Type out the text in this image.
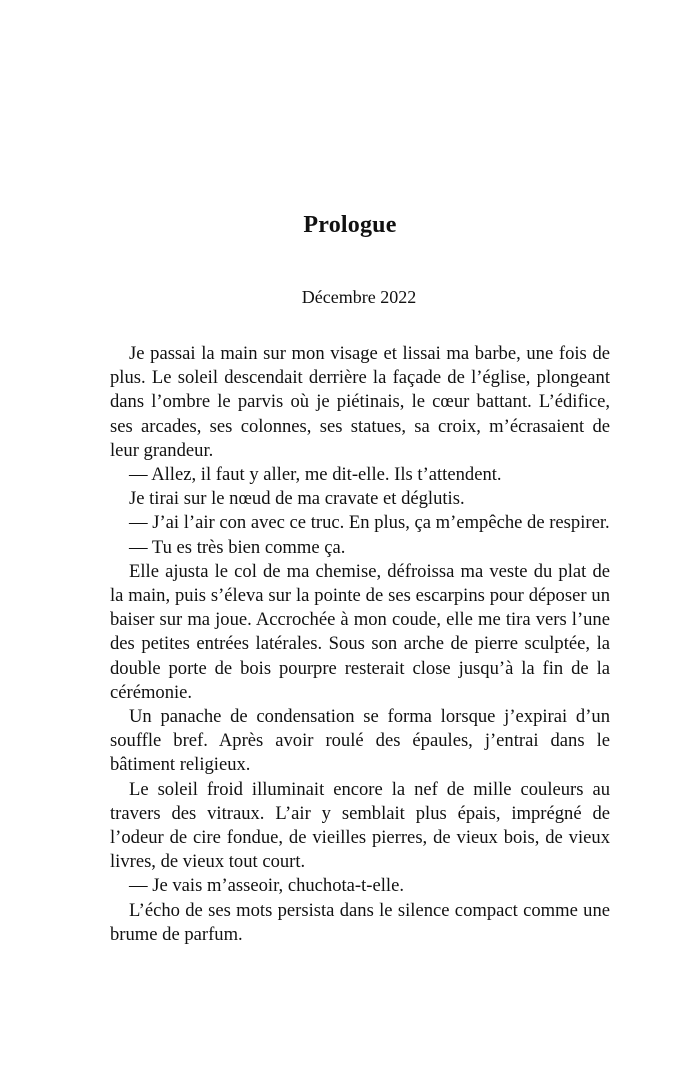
Prologue

Décembre 2022

Je passai la main sur mon visage et lissai ma barbe, une fois de plus. Le soleil descendait derrière la façade de l’église, plongeant dans l’ombre le parvis où je piétinais, le cœur battant. L’édifice, ses arcades, ses colonnes, ses statues, sa croix, m’écrasaient de leur grandeur.

— Allez, il faut y aller, me dit-elle. Ils t’attendent.

Je tirai sur le nœud de ma cravate et déglutis.

— J’ai l’air con avec ce truc. En plus, ça m’empêche de respirer.

— Tu es très bien comme ça.

Elle ajusta le col de ma chemise, défroissa ma veste du plat de la main, puis s’éleva sur la pointe de ses escarpins pour déposer un baiser sur ma joue. Accrochée à mon coude, elle me tira vers l’une des petites entrées latérales. Sous son arche de pierre sculptée, la double porte de bois pourpre resterait close jusqu’à la fin de la cérémonie.

Un panache de condensation se forma lorsque j’expirai d’un souffle bref. Après avoir roulé des épaules, j’entrai dans le bâtiment religieux.

Le soleil froid illuminait encore la nef de mille couleurs au travers des vitraux. L’air y semblait plus épais, imprégné de l’odeur de cire fondue, de vieilles pierres, de vieux bois, de vieux livres, de vieux tout court.

— Je vais m’asseoir, chuchota-t-elle.

L’écho de ses mots persista dans le silence compact comme une brume de parfum.
